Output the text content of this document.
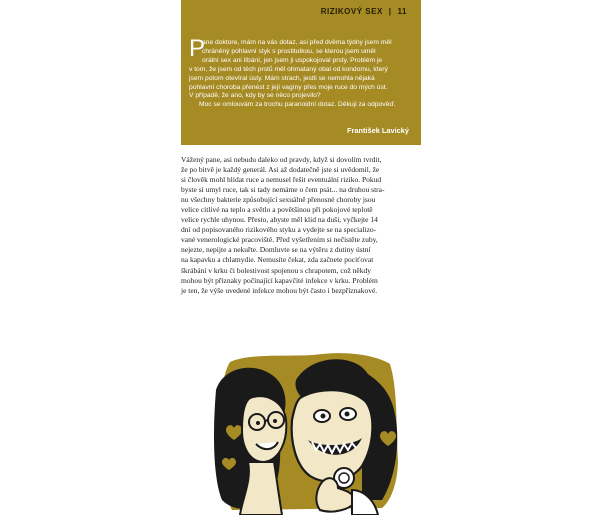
RIZIKOVÝ SEX | 11
P
ane doktore, mám na vás dotaz, asi před dvěma týdny jsem měl
chráněný pohlavní styk s prostitutkou, se kterou jsem uměl
orální sex ani líbání, jen jsem ji uspokojoval prsty. Problém je
v tom, že jsem od těch prstů měl ohmataný obal od kondomu, který
jsem potom otevíral ústy. Mám strach, jestli se nemohla nějaká
pohlavní choroba přenést z její vagíny přes moje ruce do mých úst.
V případě, že ano, kdy by se něco projevilo?
Moc se omlouvám za trochu paranoidní dotaz. Děkuji za odpověď.
František Lavický
Vážený pane, asi nebudu daleko od pravdy, když si dovolím tvrdit,
že po bitvě je každý generál. Asi až dodatečně jste si uvědomil, že
si člověk mohl hlídat ruce a nemusel řešit eventuální riziko. Pokud
byste si umyl ruce, tak si tady nemáme o čem psát... na druhou stra-
nu všechny bakterie způsobující sexuálně přenosné choroby jsou
velice citlivé na teplo a světlo a povětšinou při pokojové teplotě
velice rychle uhynou. Přesto, abyste měl klid na duši, vyčkejte 14
dní od popisovaného rizikového styku a vydejte se na specializo-
vané venerologické pracoviště. Před vyšetřením si nečistěte zuby,
nejezte, nepijte a nekuřte. Domluvte se na výtěru z dutiny ústní
na kapavku a chlamydie. Nemusíte čekat, zda začnete pociťovat
škrábání v krku či bolestivost spojenou s chrapotem, což někdy
mohou být příznaky počínající kapavčité infekce v krku. Problém
je ten, že výše uvedené infekce mohou být často i bezpříznakové.
